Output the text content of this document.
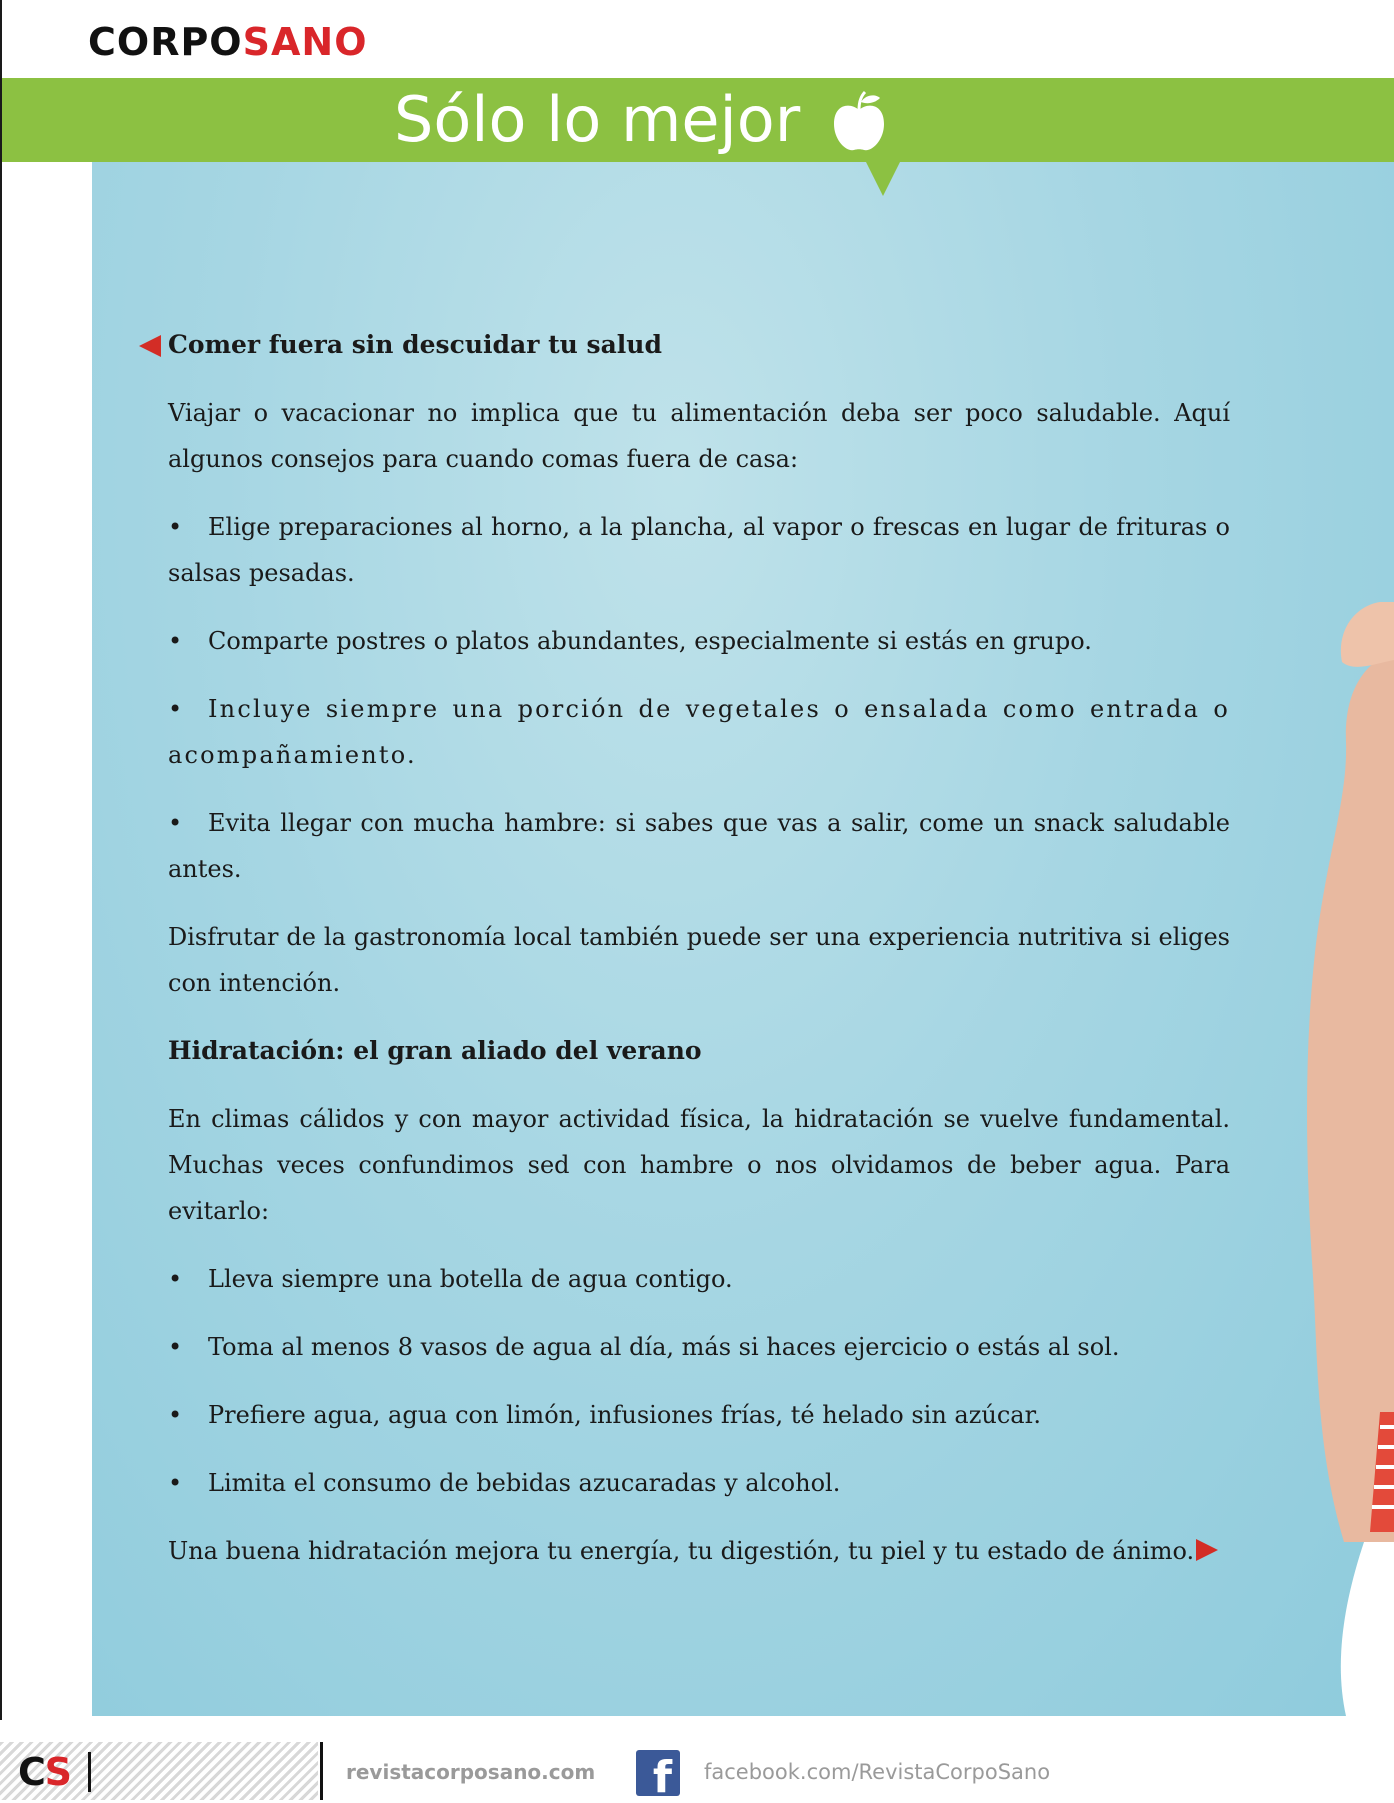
CORPOSANO
Sólo lo mejor
Comer fuera sin descuidar tu salud
Viajar o vacacionar no implica que tu alimentación deba ser poco saludable. Aquí algunos consejos para cuando comas fuera de casa:
• Elige preparaciones al horno, a la plancha, al vapor o frescas en lugar de frituras o salsas pesadas.
• Comparte postres o platos abundantes, especialmente si estás en grupo.
• Incluye siempre una porción de vegetales o ensalada como entrada o acompañamiento.
• Evita llegar con mucha hambre: si sabes que vas a salir, come un snack saludable antes.
Disfrutar de la gastronomía local también puede ser una experiencia nutritiva si eliges con intención.
Hidratación: el gran aliado del verano
En climas cálidos y con mayor actividad física, la hidratación se vuelve fundamental. Muchas veces confundimos sed con hambre o nos olvidamos de beber agua. Para evitarlo:
• Lleva siempre una botella de agua contigo.
• Toma al menos 8 vasos de agua al día, más si haces ejercicio o estás al sol.
• Prefiere agua, agua con limón, infusiones frías, té helado sin azúcar.
• Limita el consumo de bebidas azucaradas y alcohol.
Una buena hidratación mejora tu energía, tu digestión, tu piel y tu estado de ánimo.
CS	revistacorposano.com f facebook.com/RevistaCorpoSano
